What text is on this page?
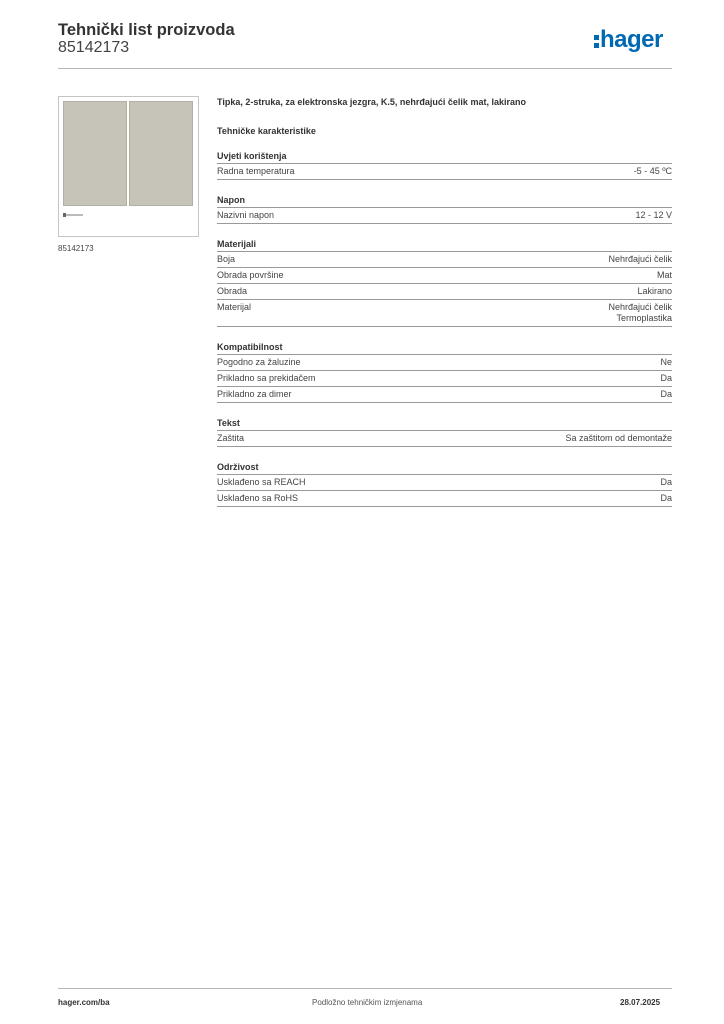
Tehnički list proizvoda
85142173	hager
85142173
Tipka, 2-struka, za elektronska jezgra, K.5, nehrđajući čelik mat, lakirano
Tehničke karakteristike
Uvjeti korištenja
Radna temperatura	-5 - 45 ºC
Napon
Nazivni napon	12 - 12 V
Materijali
Boja	Nehrđajući čelik
Obrada površine	Mat
Obrada	Lakirano
Materijal	Nehrđajući čelik
Termoplastika
Kompatibilnost
Pogodno za žaluzine	Ne
Prikladno sa prekidačem	Da
Prikladno za dimer	Da
Tekst
Zaštita	Sa zaštitom od demontaže
Održivost
Usklađeno sa REACH	Da
Usklađeno sa RoHS	Da
hager.com/ba	Podložno tehničkim izmjenama	28.07.2025
